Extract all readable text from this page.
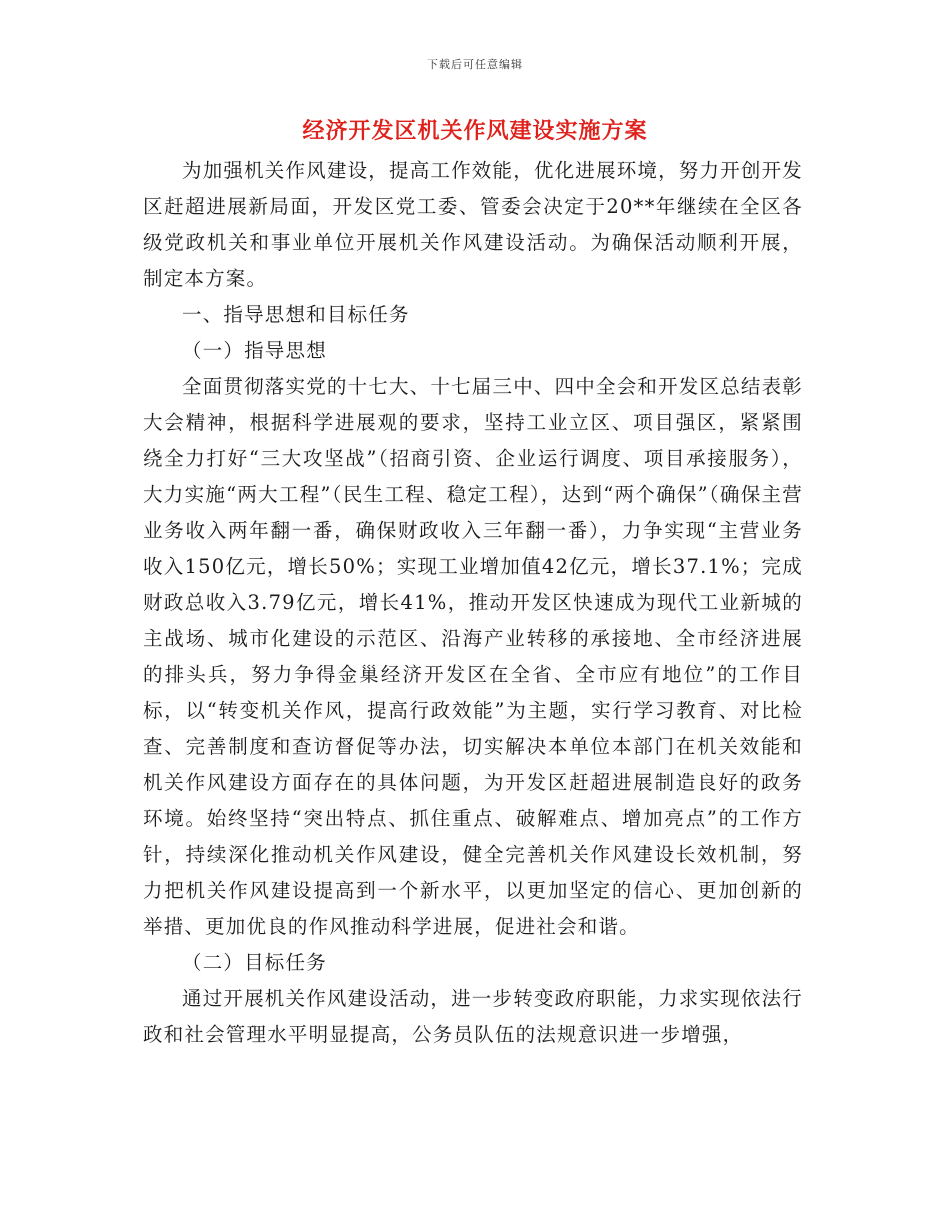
下载后可任意编辑
经济开发区机关作风建设实施方案

为加强机关作风建设，提高工作效能，优化进展环境，努力开创开发区赶超进展新局面，开发区党工委、管委会决定于20**年继续在全区各级党政机关和事业单位开展机关作风建设活动。为确保活动顺利开展，制定本方案。

一、指导思想和目标任务

（一）指导思想

全面贯彻落实党的十七大、十七届三中、四中全会和开发区总结表彰大会精神，根据科学进展观的要求，坚持工业立区、项目强区，紧紧围绕全力打好“三大攻坚战”（招商引资、企业运行调度、项目承接服务），大力实施“两大工程”（民生工程、稳定工程），达到“两个确保”（确保主营业务收入两年翻一番，确保财政收入三年翻一番），力争实现“主营业务收入150亿元，增长50%；实现工业增加值42亿元，增长37.1%；完成财政总收入3.79亿元，增长41%，推动开发区快速成为现代工业新城的主战场、城市化建设的示范区、沿海产业转移的承接地、全市经济进展的排头兵，努力争得金巢经济开发区在全省、全市应有地位”的工作目标，以“转变机关作风，提高行政效能”为主题，实行学习教育、对比检查、完善制度和查访督促等办法，切实解决本单位本部门在机关效能和机关作风建设方面存在的具体问题，为开发区赶超进展制造良好的政务环境。始终坚持“突出特点、抓住重点、破解难点、增加亮点”的工作方针，持续深化推动机关作风建设，健全完善机关作风建设长效机制，努力把机关作风建设提高到一个新水平，以更加坚定的信心、更加创新的举措、更加优良的作风推动科学进展，促进社会和谐。

（二）目标任务

通过开展机关作风建设活动，进一步转变政府职能，力求实现依法行政和社会管理水平明显提高，公务员队伍的法规意识进一步增强，
